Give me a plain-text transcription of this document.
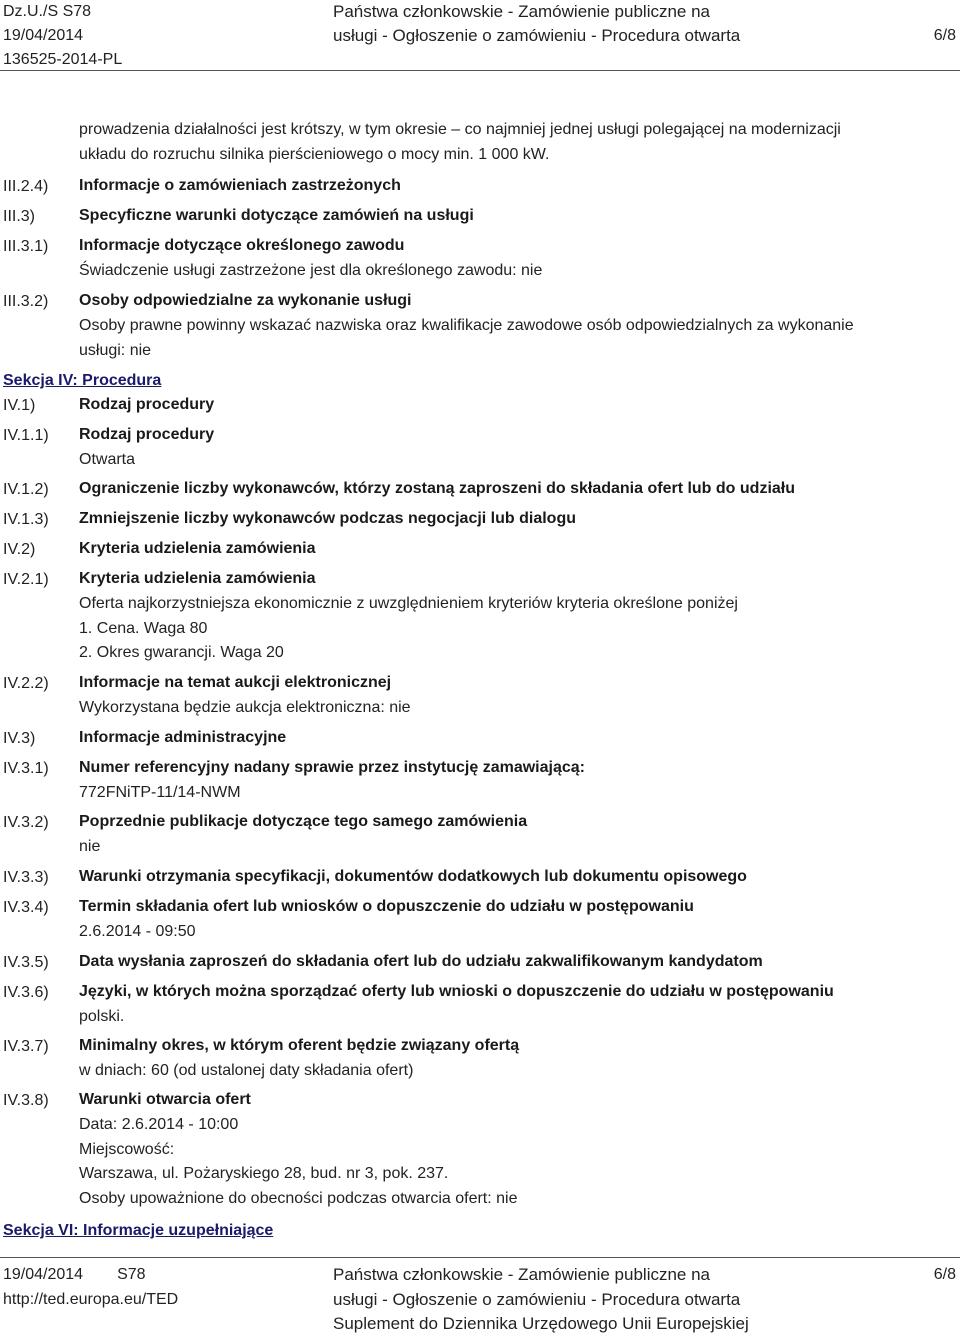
Dz.U./S S78
19/04/2014
136525-2014-PL
Państwa członkowskie - Zamówienie publiczne na
usługi - Ogłoszenie o zamówieniu - Procedura otwarta	6/8
prowadzenia działalności jest krótszy, w tym okresie – co najmniej jednej usługi polegającej na modernizacji
układu do rozruchu silnika pierścieniowego o mocy min. 1 000 kW.
III.2.4) Informacje o zamówieniach zastrzeżonych
III.3)	Specyficzne warunki dotyczące zamówień na usługi
III.3.1) Informacje dotyczące określonego zawodu
Świadczenie usługi zastrzeżone jest dla określonego zawodu: nie
III.3.2) Osoby odpowiedzialne za wykonanie usługi
Osoby prawne powinny wskazać nazwiska oraz kwalifikacje zawodowe osób odpowiedzialnych za wykonanie
usługi: nie
Sekcja IV: Procedura
IV.1)	Rodzaj procedury
IV.1.1) Rodzaj procedury
Otwarta
IV.1.2) Ograniczenie liczby wykonawców, którzy zostaną zaproszeni do składania ofert lub do udziału
IV.1.3) Zmniejszenie liczby wykonawców podczas negocjacji lub dialogu
IV.2)	Kryteria udzielenia zamówienia
IV.2.1) Kryteria udzielenia zamówienia
Oferta najkorzystniejsza ekonomicznie z uwzględnieniem kryteriów kryteria określone poniżej
1. Cena. Waga 80
2. Okres gwarancji. Waga 20
IV.2.2) Informacje na temat aukcji elektronicznej
Wykorzystana będzie aukcja elektroniczna: nie
IV.3)	Informacje administracyjne
IV.3.1) Numer referencyjny nadany sprawie przez instytucję zamawiającą:
772FNiTP-11/14-NWM
IV.3.2) Poprzednie publikacje dotyczące tego samego zamówienia
nie
IV.3.3) Warunki otrzymania specyfikacji, dokumentów dodatkowych lub dokumentu opisowego
IV.3.4) Termin składania ofert lub wniosków o dopuszczenie do udziału w postępowaniu
2.6.2014 - 09:50
IV.3.5) Data wysłania zaproszeń do składania ofert lub do udziału zakwalifikowanym kandydatom
IV.3.6) Języki, w których można sporządzać oferty lub wnioski o dopuszczenie do udziału w postępowaniu
polski.
IV.3.7) Minimalny okres, w którym oferent będzie związany ofertą
w dniach: 60 (od ustalonej daty składania ofert)
IV.3.8) Warunki otwarcia ofert
Data: 2.6.2014 - 10:00
Miejscowość:
Warszawa, ul. Pożaryskiego 28, bud. nr 3, pok. 237.
Osoby upoważnione do obecności podczas otwarcia ofert: nie
Sekcja VI: Informacje uzupełniające
19/04/2014 S78
http://ted.europa.eu/TED
Państwa członkowskie - Zamówienie publiczne na
usługi - Ogłoszenie o zamówieniu - Procedura otwarta
Suplement do Dziennika Urzędowego Unii Europejskiej
6/8
